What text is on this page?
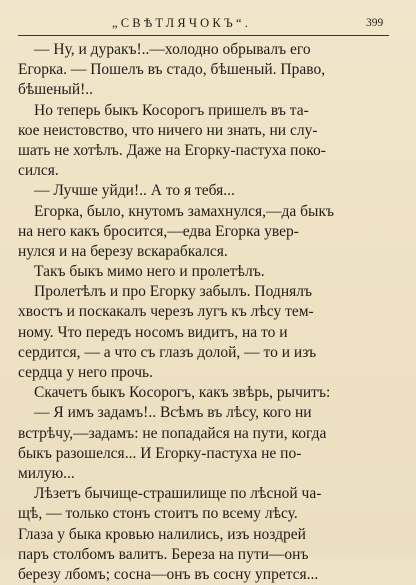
„СВѢТЛЯЧОКЪ“.	399
— Ну, и дуракъ!..—холодно обрывалъ его
Егорка. — Пошелъ въ стадо, бѣшеный. Право,
бѣшеный!..
Но теперь быкъ Косорогъ пришелъ въ та-
кое неистовство, что ничего ни знать, ни слу-
шать не хотѣлъ. Даже на Егорку-пастуха поко-
сился.
— Лучше уйди!.. А то я тебя...
Егорка, было, кнутомъ замахнулся,—да быкъ
на него какъ бросится,—едва Егорка увер-
нулся и на березу вскарабкался.
Такъ быкъ мимо него и пролетѣлъ.
Пролетѣлъ и про Егорку забылъ. Поднялъ
хвостъ и поскакалъ черезъ лугъ къ лѣсу тем-
ному. Что передъ носомъ видитъ, на то и
сердится, — а что съ глазъ долой, — то и изъ
сердца у него прочь.
Скачетъ быкъ Косорогъ, какъ звѣрь, рычитъ:
— Я имъ задамъ!.. Всѣмъ въ лѣсу, кого ни
встрѣчу,—задамъ: не попадайся на пути, когда
быкъ разошелся... И Егорку-пастуха не по-
милую...
Лѣзетъ бычище-страшилище по лѣсной ча-
щѣ, — только стонъ стоитъ по всему лѣсу.
Глаза у быка кровью налились, изъ ноздрей
паръ столбомъ валитъ. Береза на пути—онъ
березу лбомъ; сосна—онъ въ сосну упрется...
